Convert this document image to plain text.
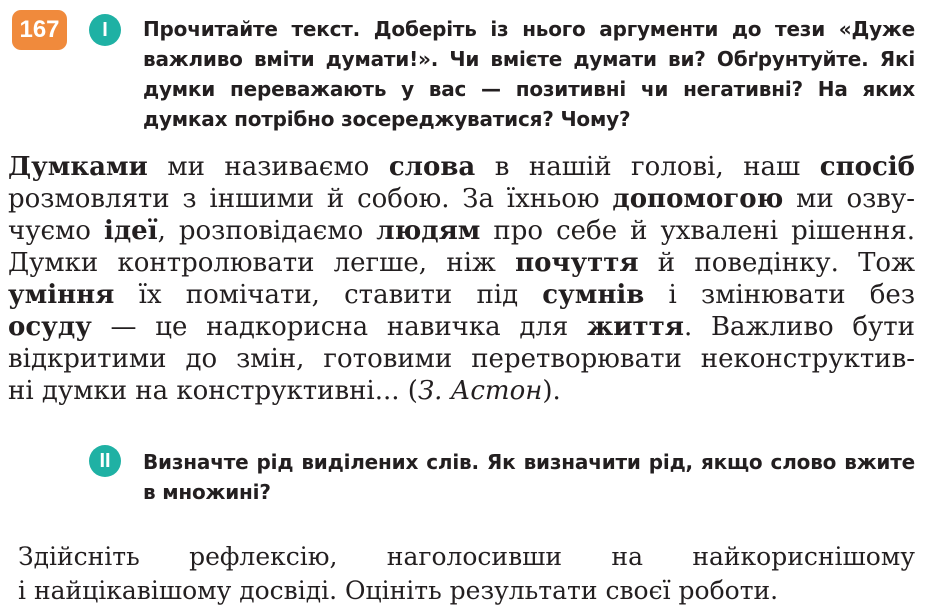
167 I Прочитайте текст. Доберіть із нього аргументи до тези «Дуже важливо вміти думати!». Чи вмієте думати ви? Обґрунтуйте. Які думки переважають у вас — позитивні чи негативні? На яких думках потрібно зосереджуватися? Чому?
Думками ми називаємо слова в нашій голові, наш спосіб
розмовляти з іншими й собою. За їхньою допомогою ми озву-
чуємо ідеї, розповідаємо людям про себе й ухвалені рішення.
Думки контролювати легше, ніж почуття й поведінку. Тож
уміння їх помічати, ставити під сумнів і змінювати без
осуду — це надкорисна навичка для життя. Важливо бути
відкритими до змін, готовими перетворювати неконструктив-
ні думки на конструктивні... (З. Астон).
II Визначте рід виділених слів. Як визначити рід, якщо слово вжите в множині?
Здійсніть рефлексію, наголосивши на найкориснішому
і найцікавішому досвіді. Оцініть результати своєї роботи.
